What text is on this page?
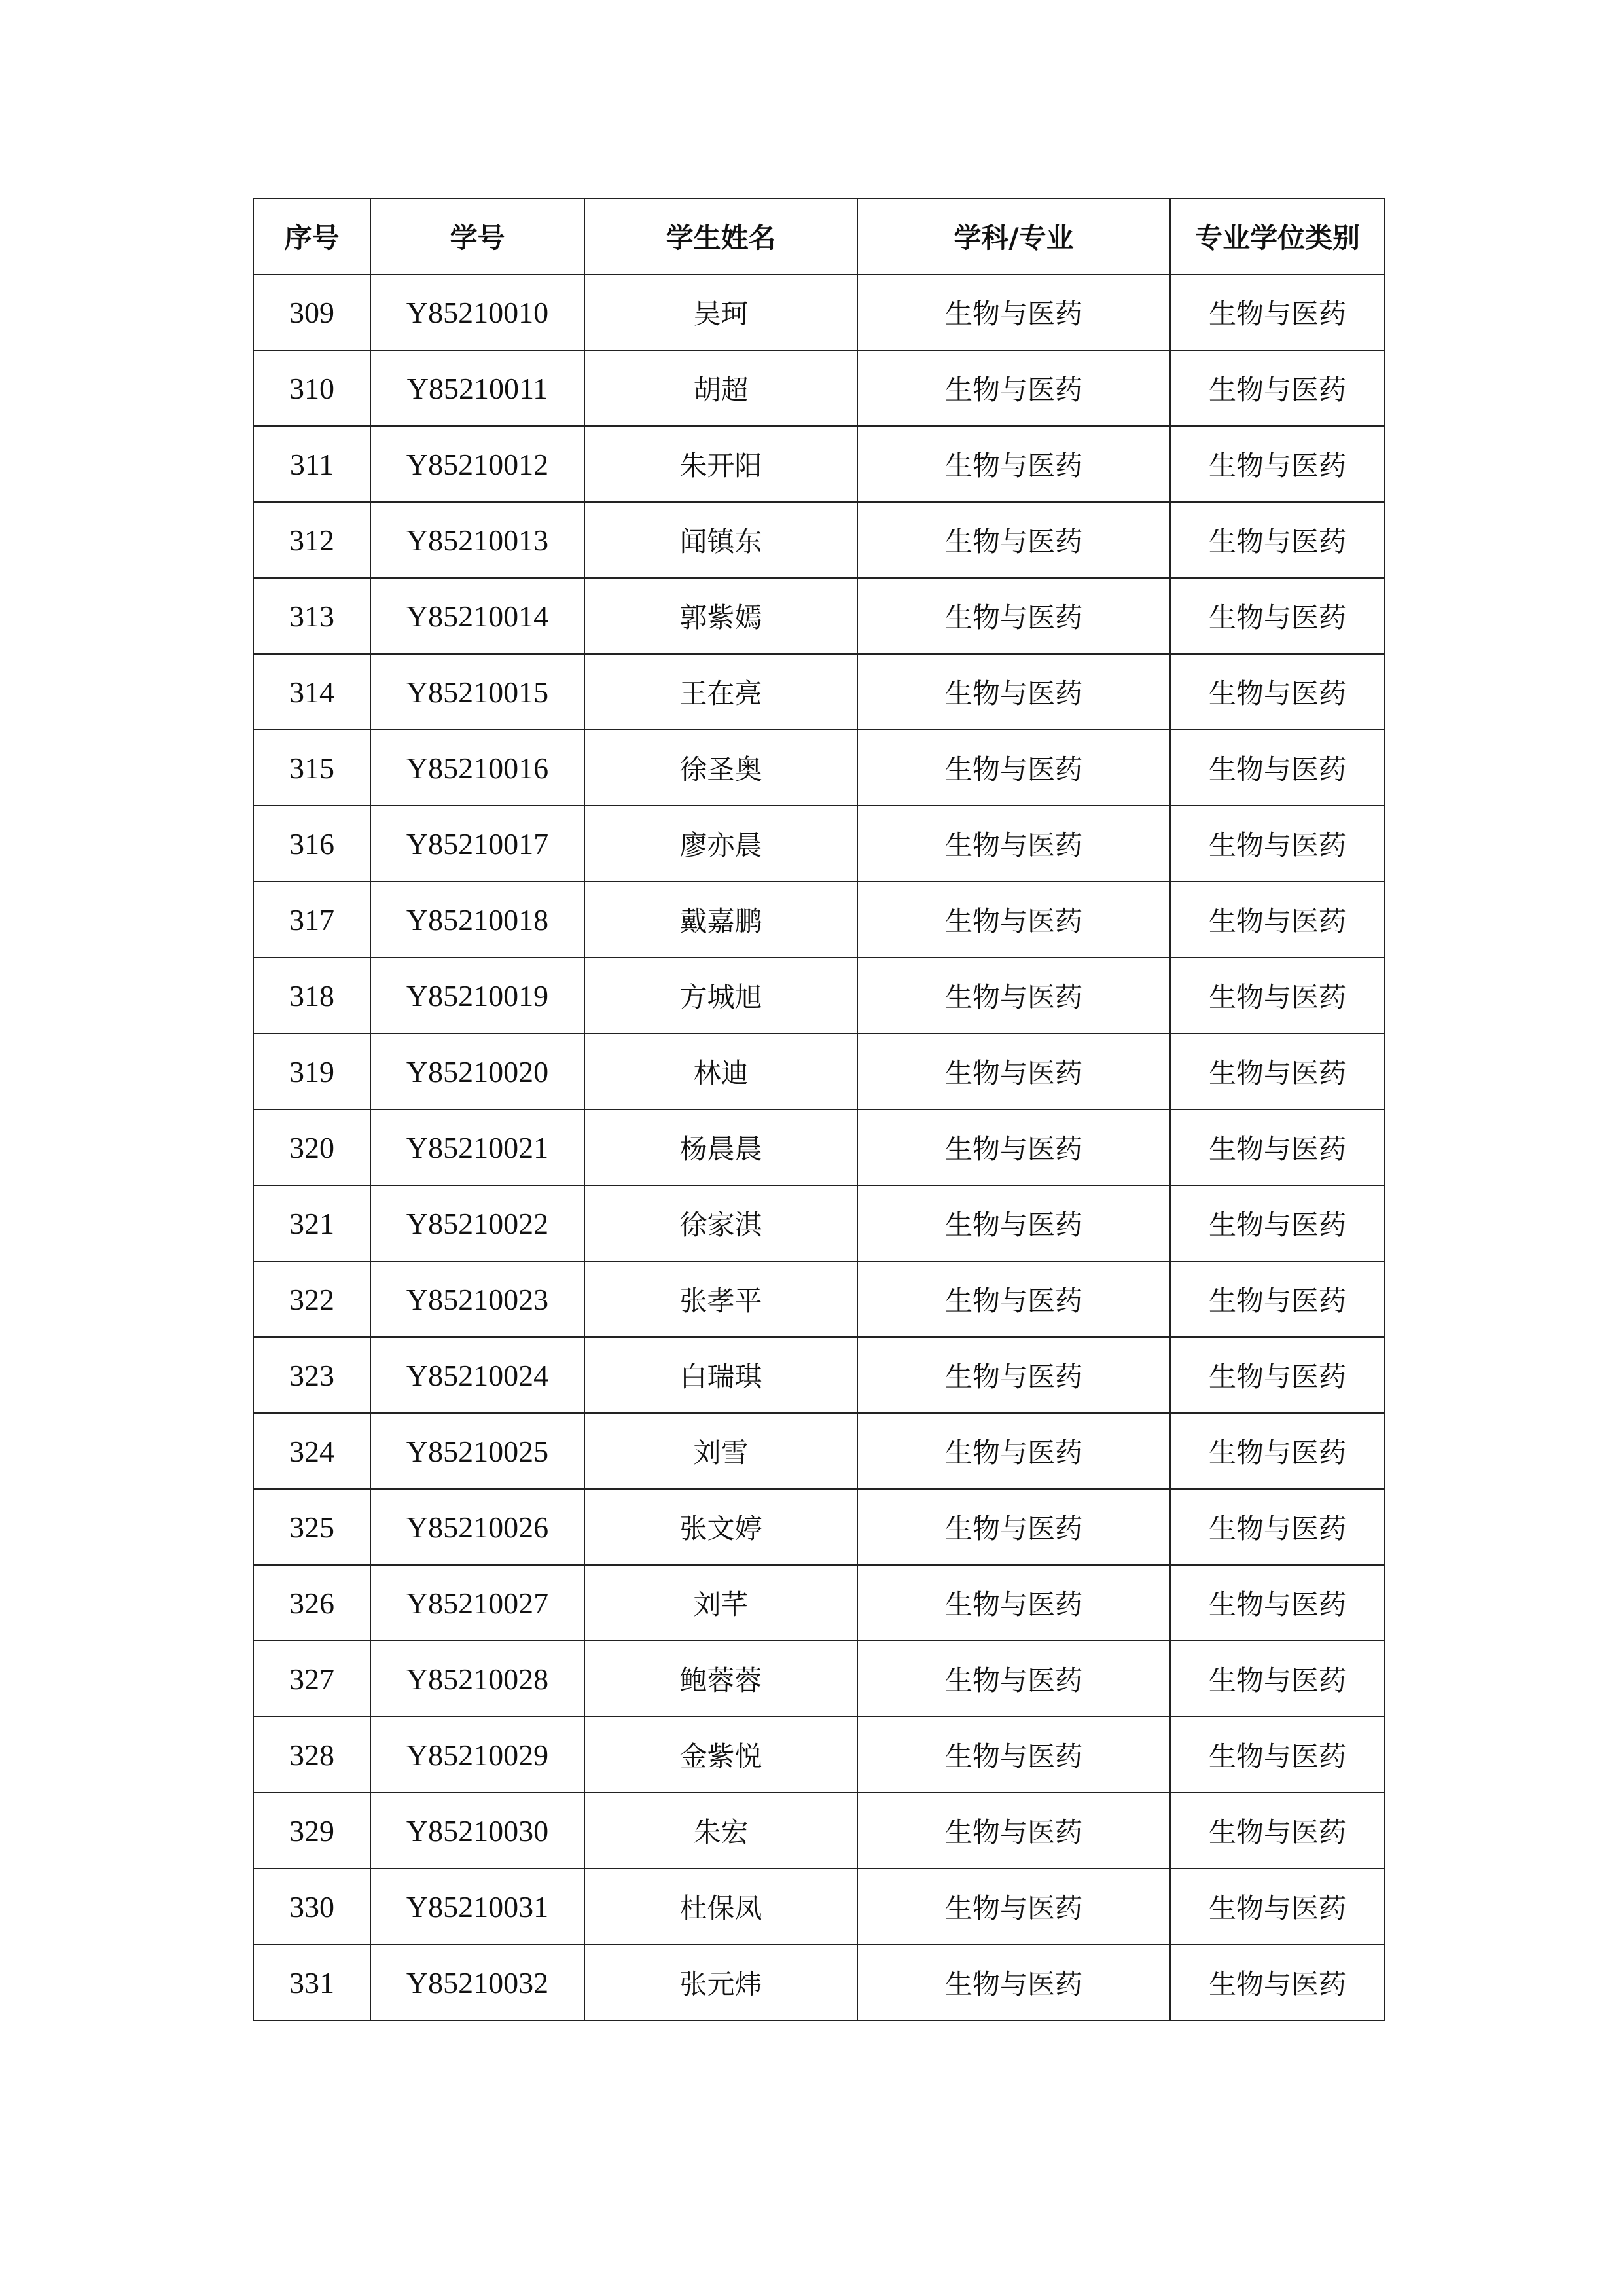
序号	学号	学生姓名	学科/专业	专业学位类别
309	Y85210010	吴珂	生物与医药	生物与医药
310	Y85210011	胡超	生物与医药	生物与医药
311	Y85210012	朱开阳	生物与医药	生物与医药
312	Y85210013	闻镇东	生物与医药	生物与医药
313	Y85210014	郭紫嫣	生物与医药	生物与医药
314	Y85210015	王在亮	生物与医药	生物与医药
315	Y85210016	徐圣奥	生物与医药	生物与医药
316	Y85210017	廖亦晨	生物与医药	生物与医药
317	Y85210018	戴嘉鹏	生物与医药	生物与医药
318	Y85210019	方城旭	生物与医药	生物与医药
319	Y85210020	林迪	生物与医药	生物与医药
320	Y85210021	杨晨晨	生物与医药	生物与医药
321	Y85210022	徐家淇	生物与医药	生物与医药
322	Y85210023	张孝平	生物与医药	生物与医药
323	Y85210024	白瑞琪	生物与医药	生物与医药
324	Y85210025	刘雪	生物与医药	生物与医药
325	Y85210026	张文婷	生物与医药	生物与医药
326	Y85210027	刘芊	生物与医药	生物与医药
327	Y85210028	鲍蓉蓉	生物与医药	生物与医药
328	Y85210029	金紫悦	生物与医药	生物与医药
329	Y85210030	朱宏	生物与医药	生物与医药
330	Y85210031	杜保凤	生物与医药	生物与医药
331	Y85210032	张元炜	生物与医药	生物与医药
